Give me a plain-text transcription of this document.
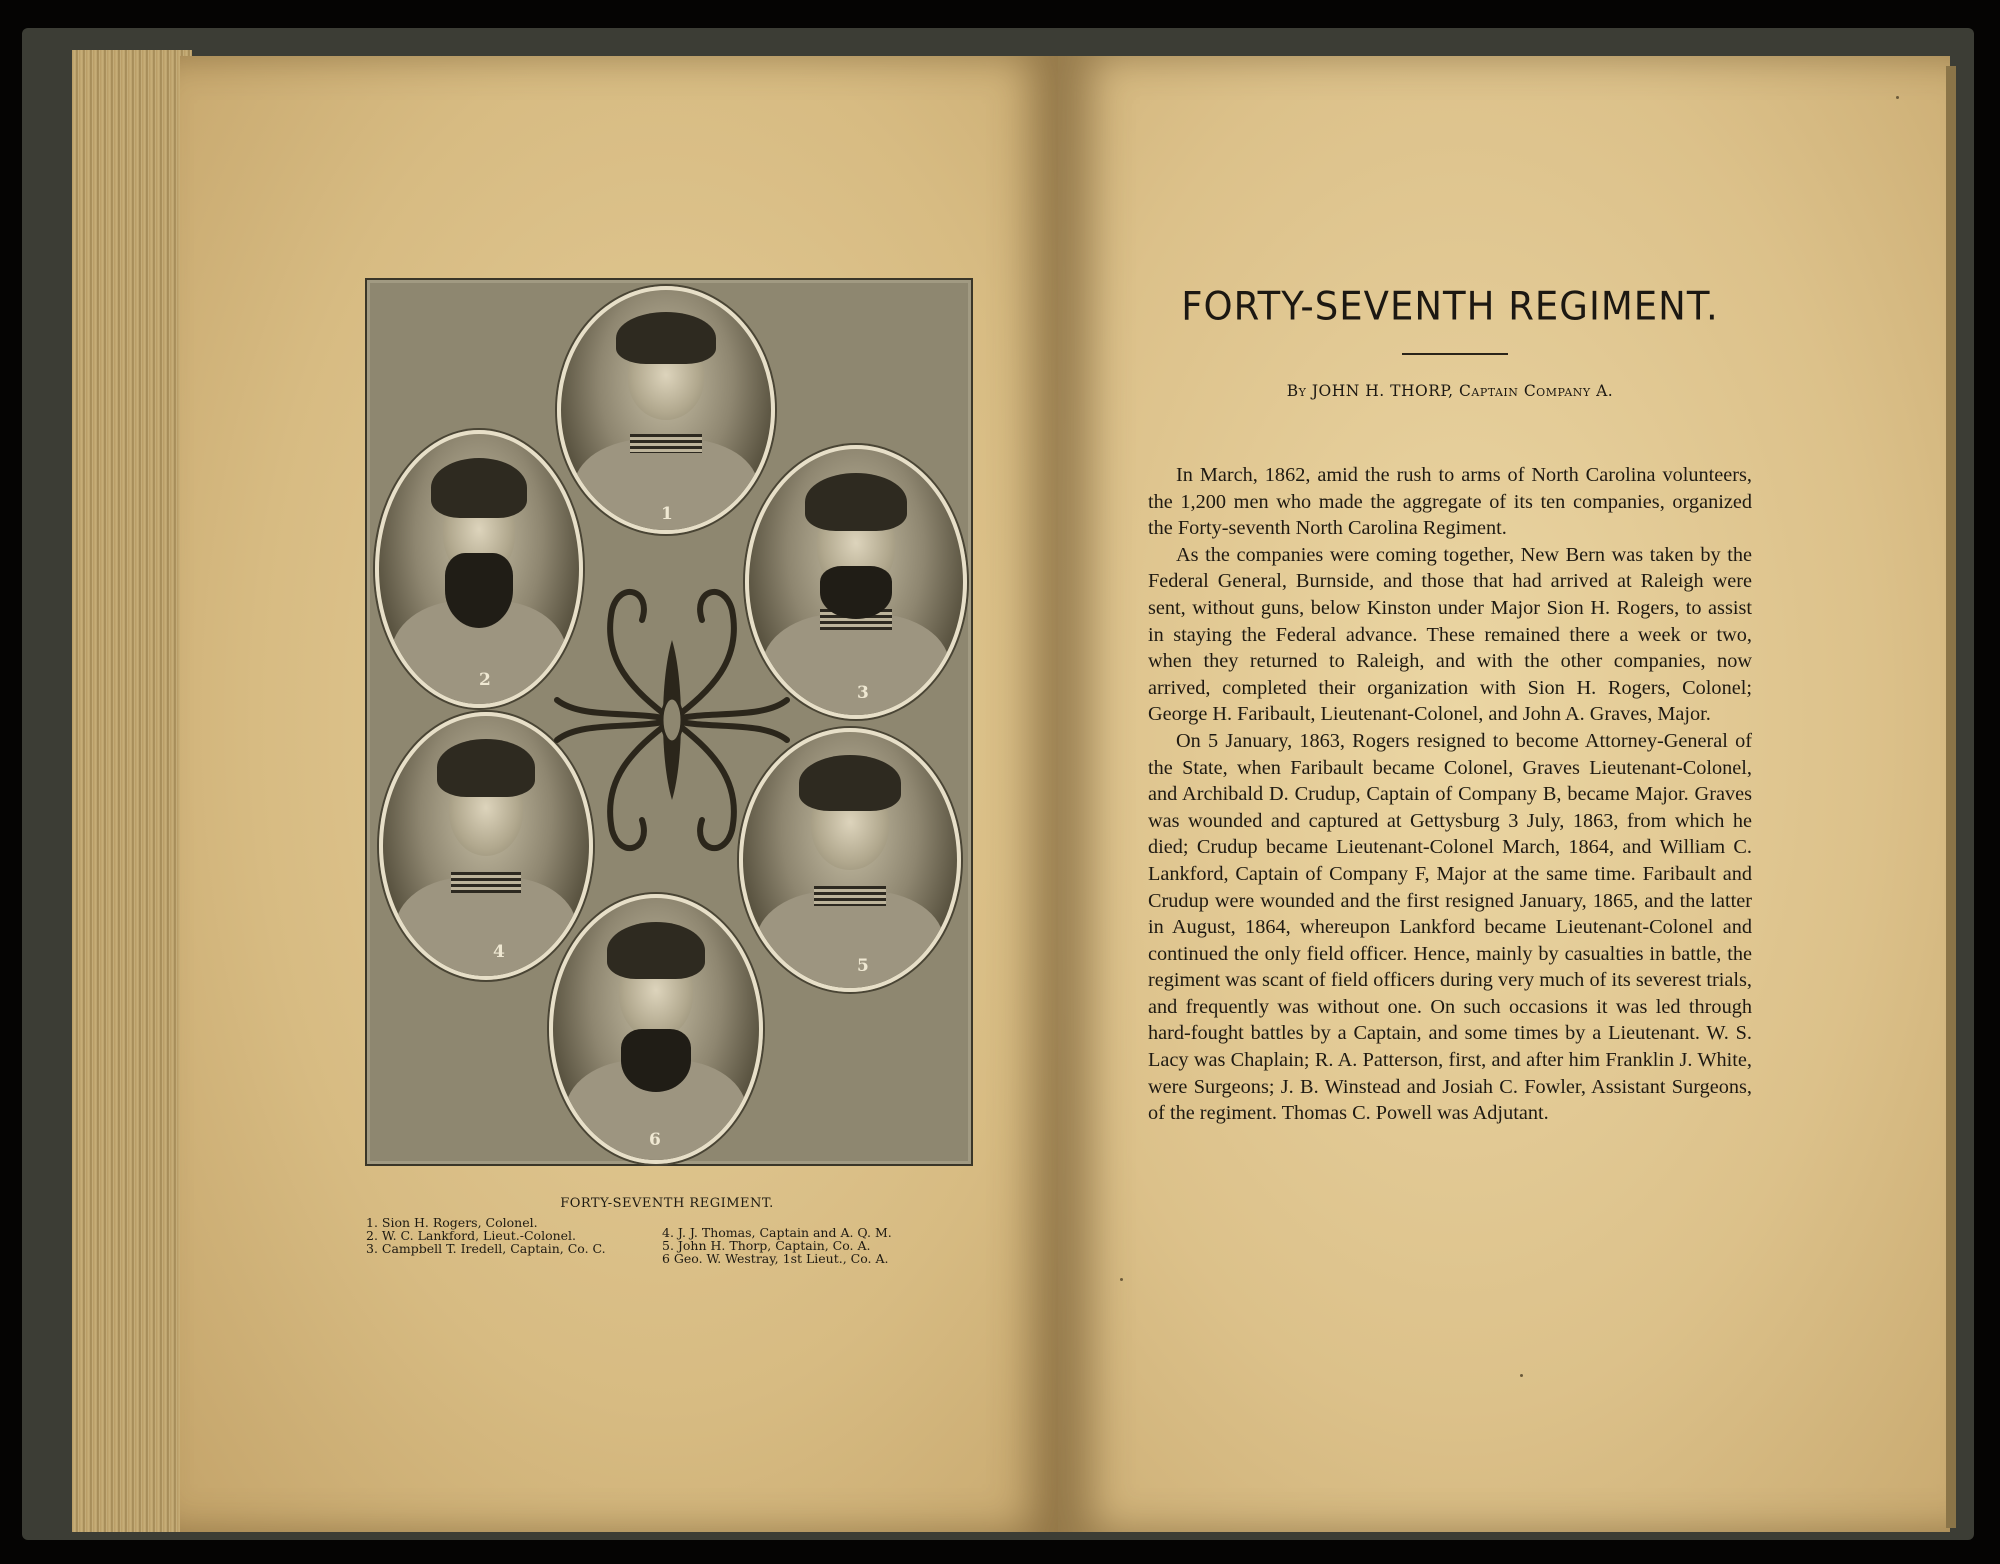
1
2
3
4
5
6
FORTY-SEVENTH REGIMENT.
1. Sion H. Rogers, Colonel.
2. W. C. Lankford, Lieut.-Colonel.
3. Campbell T. Iredell, Captain, Co. C.
4. J. J. Thomas, Captain and A. Q. M.
5. John H. Thorp, Captain, Co. A.
6 Geo. W. Westray, 1st Lieut., Co. A.
FORTY-SEVENTH REGIMENT.
By JOHN H. THORP, Captain Company A.

In March, 1862, amid the rush to arms of North Carolina volunteers, the 1,200 men who made the aggregate of its ten companies, organized the Forty-seventh North Carolina Regiment.

As the companies were coming together, New Bern was taken by the Federal General, Burnside, and those that had arrived at Raleigh were sent, without guns, below Kinston under Major Sion H. Rogers, to assist in staying the Federal advance. These remained there a week or two, when they returned to Raleigh, and with the other companies, now arrived, completed their organization with Sion H. Rogers, Colonel; George H. Faribault, Lieutenant-Colonel, and John A. Graves, Major.

On 5 January, 1863, Rogers resigned to become Attorney-General of the State, when Faribault became Colonel, Graves Lieutenant-Colonel, and Archibald D. Crudup, Captain of Company B, became Major. Graves was wounded and captured at Gettysburg 3 July, 1863, from which he died; Crudup became Lieutenant-Colonel March, 1864, and William C. Lankford, Captain of Company F, Major at the same time. Faribault and Crudup were wounded and the first resigned January, 1865, and the latter in August, 1864, whereupon Lankford became Lieutenant-Colonel and continued the only field officer. Hence, mainly by casualties in battle, the regiment was scant of field officers during very much of its severest trials, and frequently was without one. On such occasions it was led through hard-fought battles by a Captain, and some times by a Lieutenant. W. S. Lacy was Chaplain; R. A. Patterson, first, and after him Franklin J. White, were Surgeons; J. B. Winstead and Josiah C. Fowler, Assistant Surgeons, of the regiment. Thomas C. Powell was Adjutant.
